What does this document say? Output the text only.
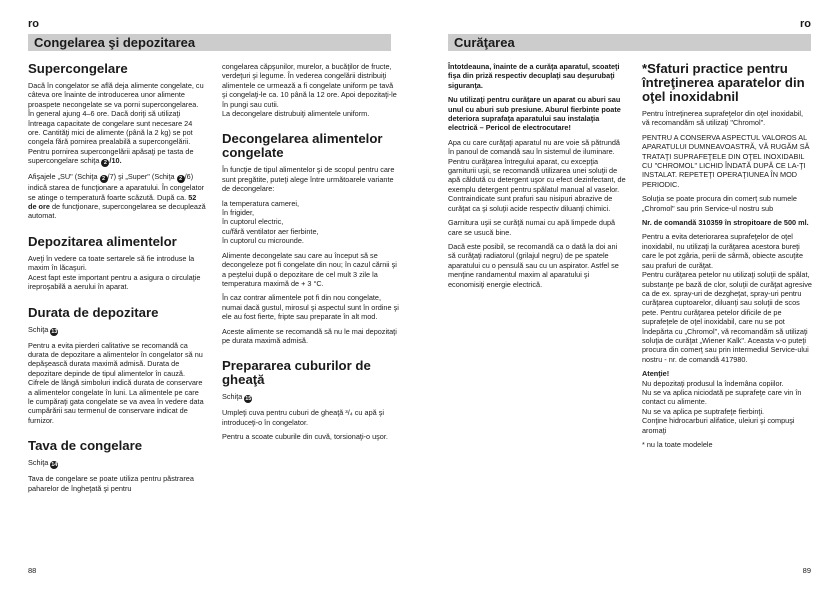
ro	ro
Congelarea şi depozitarea	Curăţarea
Supercongelare

Dacă în congelator se află deja alimente congelate, cu câteva ore înainte de introducerea unor alimente proaspete necongelate se va porni supercongelarea. În general ajung 4–6 ore. Dacă doriţi să utilizaţi întreaga capacitate de congelare sunt necesare 24 ore. Cantităţi mici de alimente (până la 2 kg) se pot congela fără pornirea prealabilă a supercongelării. Pentru pornirea supercongelării apăsaţi pe tasta de supercongelare schiţa 2 /10.

Afişajele „SU" (Schiţa 2 /7) şi „Super" (Schiţa 2 /6) indică starea de funcţionare a aparatului. În congelator se atinge o temperatură foarte scăzută. După ca. 52 de ore de funcţionare, supercongelarea se decuplează automat.

Depozitarea alimentelor

Aveţi în vedere ca toate sertarele să fie introduse la maxim în lăcaşuri.
Acest fapt este important pentru a asigura o circulaţie ireproşabilă a aerului în aparat.

Durata de depozitare

Schiţa 13

Pentru a evita pierderi calitative se recomandă ca durata de depozitare a alimentelor în congelator să nu depăşească durata maximă admisă. Durata de depozitare depinde de tipul alimentelor în cauză. Cifrele de lângă simboluri indică durata de conservare a alimentelor congelate în luni. La alimentele pe care le cumpăraţi gata congelate se va avea în vedere data cumpărării sau termenul de conservare indicat de furnizor.

Tava de congelare

Schiţa 14

Tava de congelare se poate utiliza pentru păstrarea paharelor de îngheţată şi pentru

congelarea căpşunilor, murelor, a bucăţilor de fructe, verdeţuri şi legume. În vederea congelării distribuiţi alimentele ce urmează a fi congelate uniform pe tavă şi congelaţi-le ca. 10 până la 12 ore. Apoi depozitaţi-le în pungi sau cutii.
La decongelare distrubuiţi alimentele uniform.

Decongelarea alimentelor congelate

În funcţie de tipul alimentelor şi de scopul pentru care sunt pregătite, puteţi alege între următoarele variante de decongelare:

la temperatura camerei,
în frigider,
în cuptorul electric,
cu/fără ventilator aer fierbinte,
în cuptorul cu microunde.

Alimente decongelate sau care au început să se decongeleze pot fi congelate din nou; în cazul cărnii şi a peştelui după o depozitare de cel mult 3 zile la temperatura maximă de + 3 °C.

În caz contrar alimentele pot fi din nou congelate, numai dacă gustul, mirosul şi aspectul sunt în ordine şi ele au fost fierte, fripte sau preparate în alt mod.

Aceste alimente se recomandă să nu le mai depozitaţi pe durata maximă admisă.

Prepararea cuburilor de gheaţă

Schiţa 15

Umpleţi cuva pentru cuburi de gheaţă ³/₄ cu apă şi introduceţi-o în congelator.

Pentru a scoate cuburile din cuvă, torsionaţi-o uşor.

Întotdeauna, înainte de a curăţa aparatul, scoateţi fişa din priză respectiv decuplaţi sau deşurubaţi siguranţa.

Nu utilizaţi pentru curăţare un aparat cu aburi sau unul cu aburi sub presiune. Aburul fierbinte poate deteriora suprafaţa aparatului sau instalaţia electrică – Pericol de electrocutare!

Apa cu care curăţaţi aparatul nu are voie să pătrundă în panoul de comandă sau în sistemul de iluminare. Pentru curăţarea întregului aparat, cu excepţia garniturii uşii, se recomandă utilizarea unei soluţii de apă căldută cu detergent uşor cu efect dezinfectant, de exemplu detergent pentru spălatul manual al vaselor. Contraindicate sunt prafuri sau nisipuri abrazive de curăţat ca şi soluţii acide respectiv diluanţi chimici.

Garnitura uşii se curăţă numai cu apă limpede după care se usucă bine.

Dacă este posibil, se recomandă ca o dată la doi ani să curăţaţi radiatorul (grilajul negru) de pe spatele aparatului cu o pensulă sau cu un aspirator. Astfel se menţine randamentul maxim al aparatului şi economisiţi energie electrică.

*Sfaturi practice pentru întreţinerea aparatelor din oţel inoxidabnil

Pentru întreţinerea suprafeţelor din oţel inoxidabil, vă recomandăm să utilizaţi "Chromol".

PENTRU A CONSERVA ASPECTUL VALOROS AL APARATULUI DUMNEAVOASTRĂ, VĂ RUGĂM SĂ TRATAŢI SUPRAFEŢELE DIN OŢEL INOXIDABIL CU "CHROMOL" LICHID ÎNDATĂ DUPĂ CE LA-ŢI INSTALAT. REPETEŢI OPERAŢIUNEA ÎN MOD PERIODIC.

Soluţia se poate procura din comerţ sub numele „Chromol" sau prin Service-ul nostru sub

Nr. de comandă 310359 în stropitoare de 500 ml.

Pentru a evita deteriorarea suprafeţelor de oţel inoxidabil, nu utilizaţi la curăţarea acestora bureţi care le pot zgâria, perii de sârmă, obiecte ascuţite sau prafuri de curăţat.
Pentru curăţarea petelor nu utilizaţi soluţii de spălat, substanţe pe bază de clor, soluţii de curăţat agresive ca de ex. spray-uri de dezgheţat, spray-uri pentru curăţarea cuptoarelor, diluanţi sau soluţii de scos pete. Pentru curăţarea petelor dificile de pe suprafeţele de oţel inoxidabil, care nu se pot îndepărta cu „Chromol", vă recomandăm să utilizaţi soluţia de curăţat „Wiener Kalk". Aceasta v-o puteţi procura din comerţ sau prin intermediul Service-ului nostru - nr. de comandă 417980.

Atenţie!

Nu depozitaţi produsul la îndemâna copiilor.
Nu se va aplica niciodată pe suprafeţe care vin în contact cu alimente.
Nu se va aplica pe suptrafeţe fierbinţi.
Conţine hidrocarburi alifatice, uleiuri şi compuşi aromaţi

* nu la toate modelele

88	89
